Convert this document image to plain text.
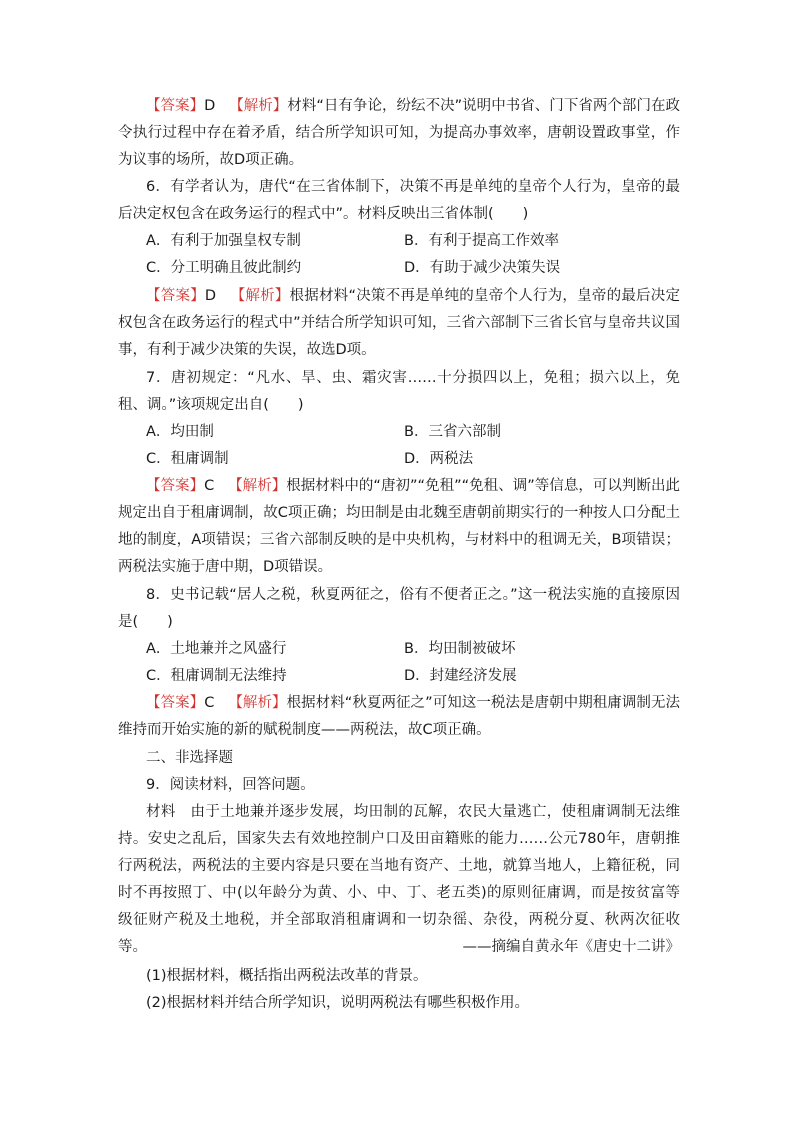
【答案】D 【解析】材料“日有争论，纷纭不决”说明中书省、门下省两个部门在政令执行过程中存在着矛盾，结合所学知识可知，为提高办事效率，唐朝设置政事堂，作为议事的场所，故D项正确。

6．有学者认为，唐代“在三省体制下，决策不再是单纯的皇帝个人行为，皇帝的最后决定权包含在政务运行的程式中”。材料反映出三省体制(　　)

A．有利于加强皇权专制	B．有利于提高工作效率
C．分工明确且彼此制约	D．有助于减少决策失误

【答案】D 【解析】根据材料“决策不再是单纯的皇帝个人行为，皇帝的最后决定权包含在政务运行的程式中”并结合所学知识可知，三省六部制下三省长官与皇帝共议国事，有利于减少决策的失误，故选D项。

7．唐初规定：“凡水、旱、虫、霜灾害……十分损四以上，免租；损六以上，免租、调。”该项规定出自(　　)

A．均田制	B．三省六部制
C．租庸调制	D．两税法

【答案】C 【解析】根据材料中的“唐初”“免租”“免租、调”等信息，可以判断出此规定出自于租庸调制，故C项正确；均田制是由北魏至唐朝前期实行的一种按人口分配土地的制度，A项错误；三省六部制反映的是中央机构，与材料中的租调无关，B项错误；两税法实施于唐中期，D项错误。

8．史书记载“居人之税，秋夏两征之，俗有不便者正之。”这一税法实施的直接原因是(　　)

A．土地兼并之风盛行	B．均田制被破坏
C．租庸调制无法维持	D．封建经济发展

【答案】C 【解析】根据材料“秋夏两征之”可知这一税法是唐朝中期租庸调制无法维持而开始实施的新的赋税制度——两税法，故C项正确。

二、非选择题
9．阅读材料，回答问题。

材料　由于土地兼并逐步发展，均田制的瓦解，农民大量逃亡，使租庸调制无法维持。安史之乱后，国家失去有效地控制户口及田亩籍账的能力……公元780年，唐朝推行两税法，两税法的主要内容是只要在当地有资产、土地，就算当地人，上籍征税，同时不再按照丁、中(以年龄分为黄、小、中、丁、老五类)的原则征庸调，而是按贫富等级征财产税及土地税，并全部取消租庸调和一切杂徭、杂役，两税分夏、秋两次征收等。	——摘编自黄永年《唐史十二讲》
(1)根据材料，概括指出两税法改革的背景。
(2)根据材料并结合所学知识，说明两税法有哪些积极作用。
